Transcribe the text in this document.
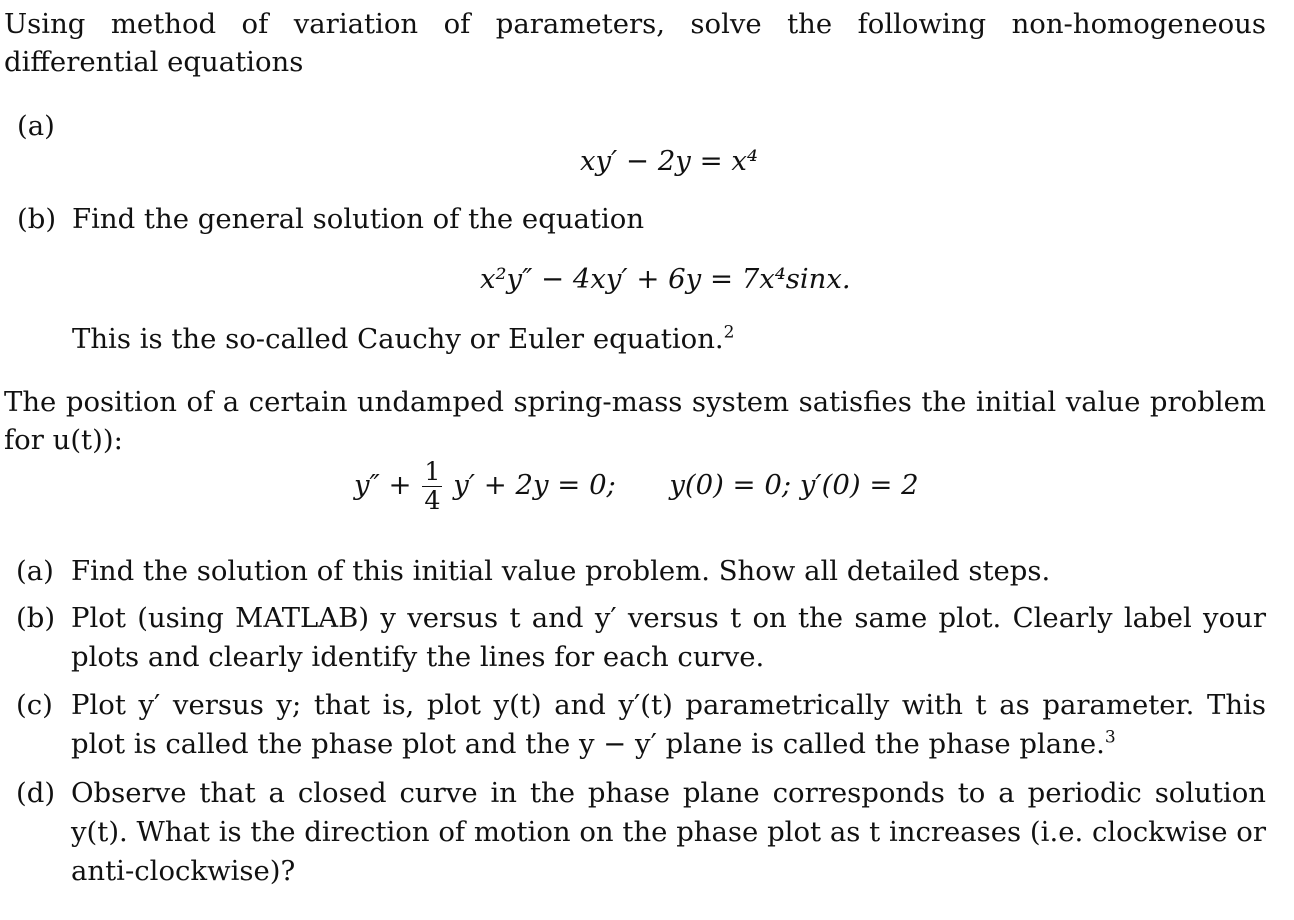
Using method of variation of parameters, solve the following non-homogeneous differential equations
(a)
xy′ − 2y = x⁴
(b) Find the general solution of the equation
x²y″ − 4xy′ + 6y = 7x⁴sinx.
This is the so-called Cauchy or Euler equation.$^2$
The position of a certain undamped spring-mass system satisfies the initial value problem for u(t)):
$y'' + \frac{1}{4} y' + 2y = 0$; y(0) = 0; y′(0) = 2
(a) Find the solution of this initial value problem. Show all detailed steps.
(b) Plot (using MATLAB) y versus t and y′ versus t on the same plot. Clearly label your plots and clearly identify the lines for each curve.
(c) Plot y′ versus y; that is, plot y(t) and y′(t) parametrically with t as parameter. This plot is called the phase plot and the y − y′ plane is called the phase plane.$^3$
(d) Observe that a closed curve in the phase plane corresponds to a periodic solution y(t). What is the direction of motion on the phase plot as t increases (i.e. clockwise or anti-clockwise)?
